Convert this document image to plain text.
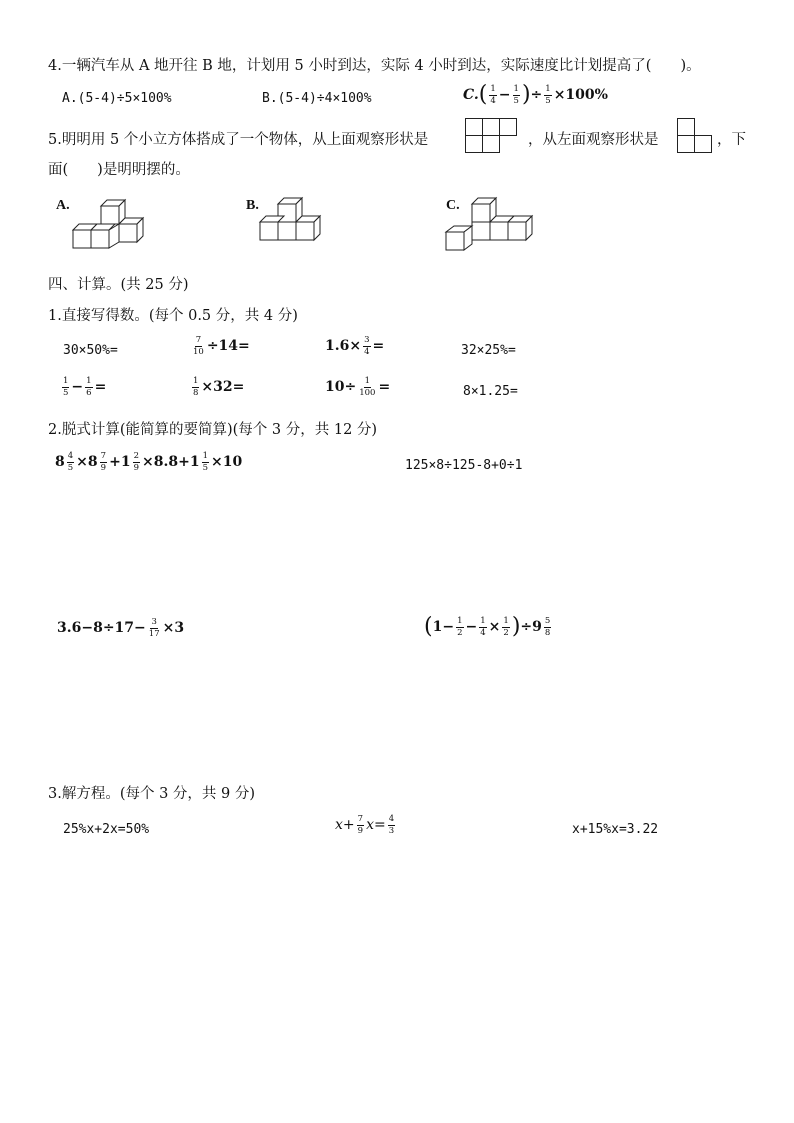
4.一辆汽车从 A 地开往 B 地，计划用 5 小时到达，实际 4 小时到达，实际速度比计划提高了(　　)。
A.(5-4)÷5×100%	B.(5-4)÷4×100%	$C.( \frac{1}{4} - \frac{1}{5}$ )÷ $\frac{1}{5} \times 100\%$
5.明明用 5 个小立方体搭成了一个物体，从上面观察形状是	，从左面观察形状是	，下
面(　　)是明明摆的。
A.	B.	C.
四、计算。(共 25 分)
1.直接写得数。(每个 0.5 分，共 4 分)
30×50%=	$\frac{7}{10} \div 14=$	$1.6\times \frac{3}{4}$ =	32×25%=
$\frac{1}{5} - \frac{1}{6}$ =	$\frac{1}{8} \times 32=$	$10\div \frac{1}{100}$ =	8×1.25=
2.脱式计算(能简算的要简算)(每个 3 分，共 12 分)
$8 \frac{4}{5} \times 8 \frac{7}{9} + 1 \frac{2}{9} \times 8.8+ 1 \frac{1}{5} \times 10$	125×8÷125-8+0÷1
$3.6-8\div 17- \frac{3}{17} \times 3$	($1- \frac{1}{2} - \frac{1}{4} \times \frac{1}{2}$ )÷ $9 \frac{5}{8}$
3.解方程。(每个 3 分，共 9 分)
25%x+2x=50%	$x+ \frac{7}{9} x= \frac{4}{3}$	x+15%x=3.22
